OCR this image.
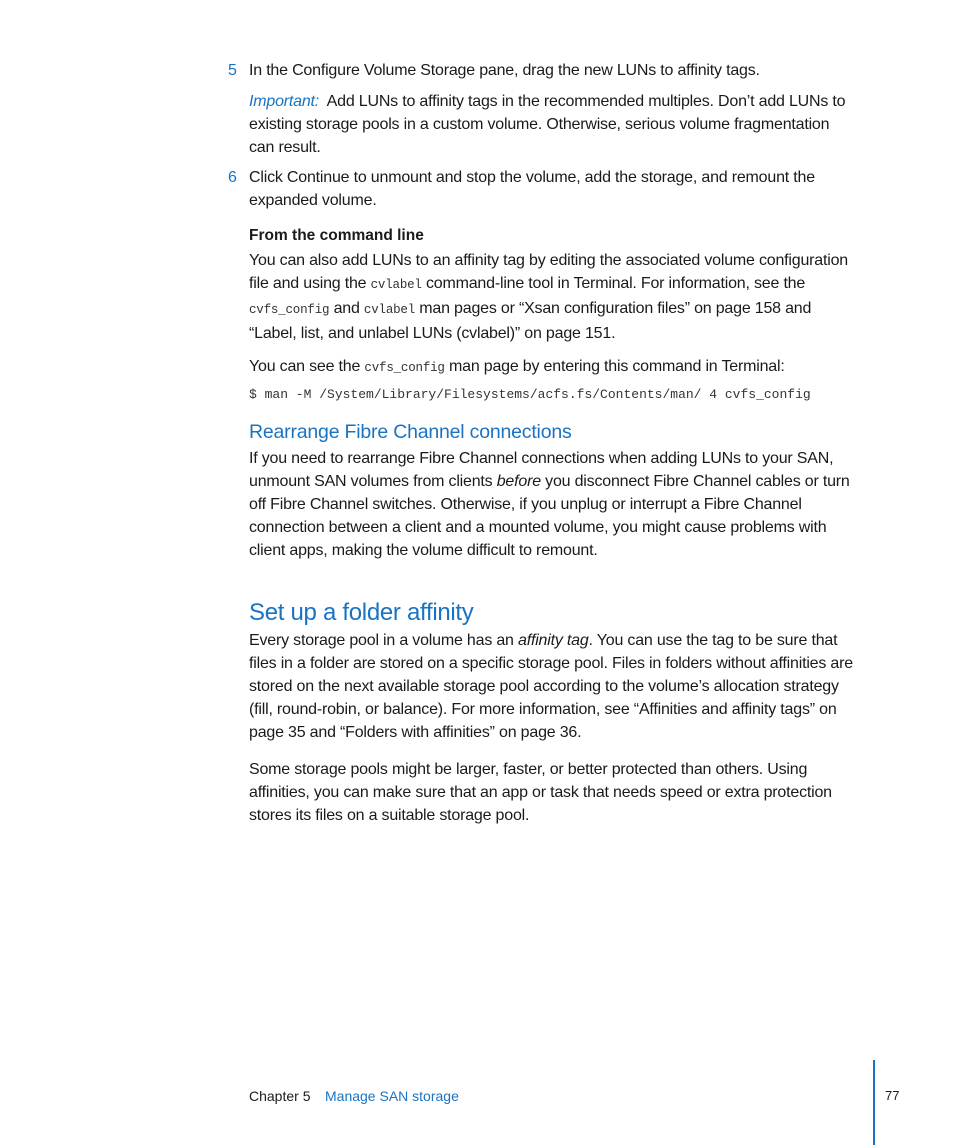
5 In the Configure Volume Storage pane, drag the new LUNs to affinity tags.
Important: Add LUNs to affinity tags in the recommended multiples. Don’t add LUNs to existing storage pools in a custom volume. Otherwise, serious volume fragmentation can result.
6 Click Continue to unmount and stop the volume, add the storage, and remount the expanded volume.
From the command line
You can also add LUNs to an affinity tag by editing the associated volume configuration file and using the cvlabel command-line tool in Terminal. For information, see the cvfs_config and cvlabel man pages or “Xsan configuration files” on page 158 and “Label, list, and unlabel LUNs (cvlabel)” on page 151.
You can see the cvfs_config man page by entering this command in Terminal:
$ man -M /System/Library/Filesystems/acfs.fs/Contents/man/ 4 cvfs_config
Rearrange Fibre Channel connections
If you need to rearrange Fibre Channel connections when adding LUNs to your SAN, unmount SAN volumes from clients before you disconnect Fibre Channel cables or turn off Fibre Channel switches. Otherwise, if you unplug or interrupt a Fibre Channel connection between a client and a mounted volume, you might cause problems with client apps, making the volume difficult to remount.
Set up a folder affinity
Every storage pool in a volume has an affinity tag. You can use the tag to be sure that files in a folder are stored on a specific storage pool. Files in folders without affinities are stored on the next available storage pool according to the volume’s allocation strategy (fill, round-robin, or balance). For more information, see “Affinities and affinity tags” on page 35 and “Folders with affinities” on page 36.
Some storage pools might be larger, faster, or better protected than others. Using affinities, you can make sure that an app or task that needs speed or extra protection stores its files on a suitable storage pool.
Chapter 5 Manage SAN storage	77
